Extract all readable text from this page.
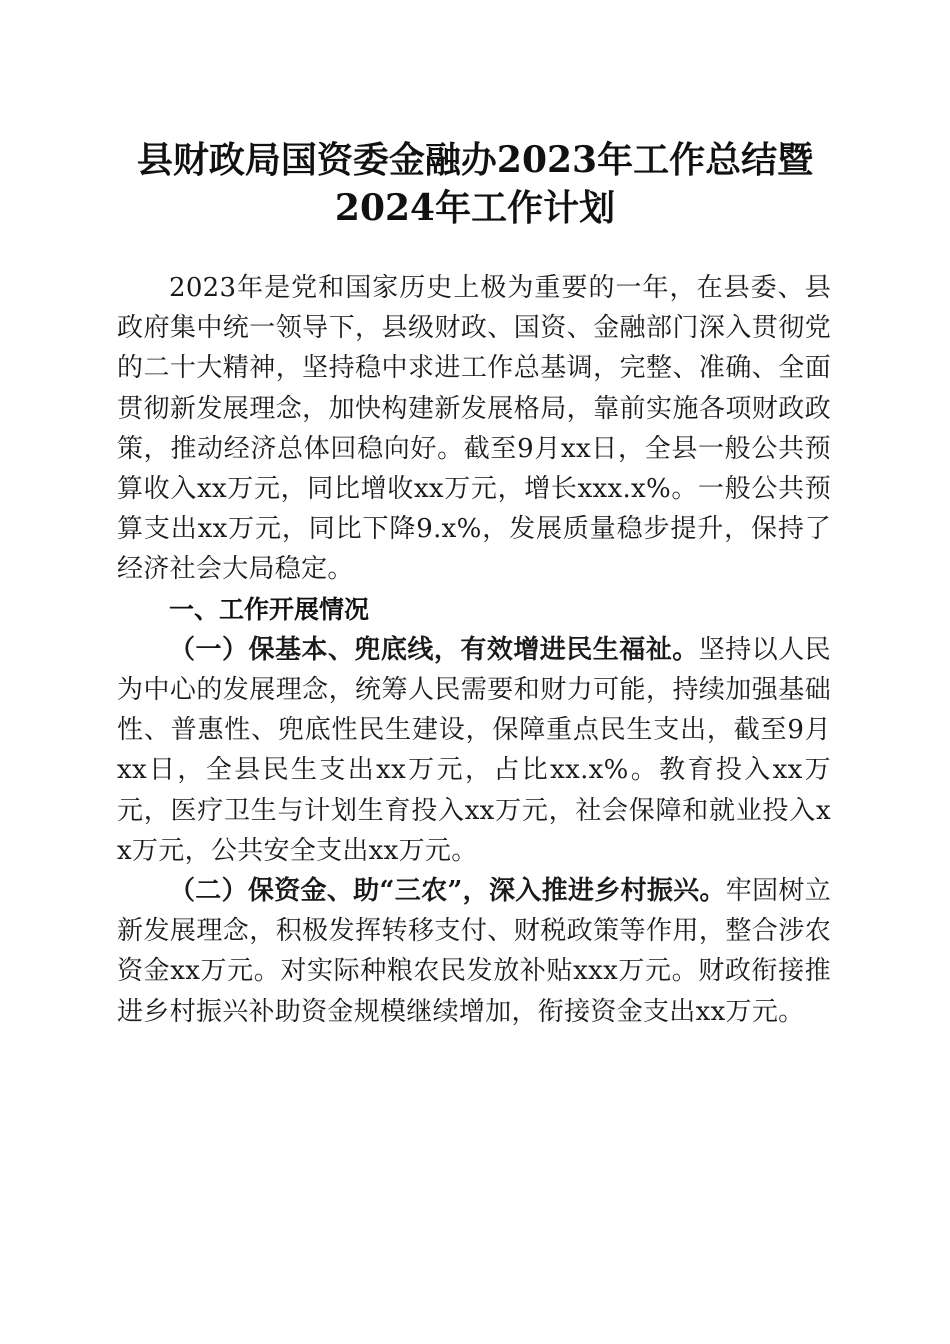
县财政局国资委金融办2023年工作总结暨
2024年工作计划

2023年是党和国家历史上极为重要的一年，在县委、县政府集中统一领导下，县级财政、国资、金融部门深入贯彻党的二十大精神，坚持稳中求进工作总基调，完整、准确、全面贯彻新发展理念，加快构建新发展格局，靠前实施各项财政政策，推动经济总体回稳向好。截至9月xx日，全县一般公共预算收入xx万元，同比增收xx万元，增长xxx.x%。一般公共预算支出xx万元，同比下降9.x%，发展质量稳步提升，保持了经济社会大局稳定。

一、工作开展情况

（一）保基本、兜底线，有效增进民生福祉。坚持以人民为中心的发展理念，统筹人民需要和财力可能，持续加强基础性、普惠性、兜底性民生建设，保障重点民生支出，截至9月xx日，全县民生支出xx万元，占比xx.x%。教育投入xx万元，医疗卫生与计划生育投入xx万元，社会保障和就业投入xx万元，公共安全支出xx万元。

（二）保资金、助“三农”，深入推进乡村振兴。牢固树立新发展理念，积极发挥转移支付、财税政策等作用，整合涉农资金xx万元。对实际种粮农民发放补贴xxx万元。财政衔接推进乡村振兴补助资金规模继续增加，衔接资金支出xx万元。
